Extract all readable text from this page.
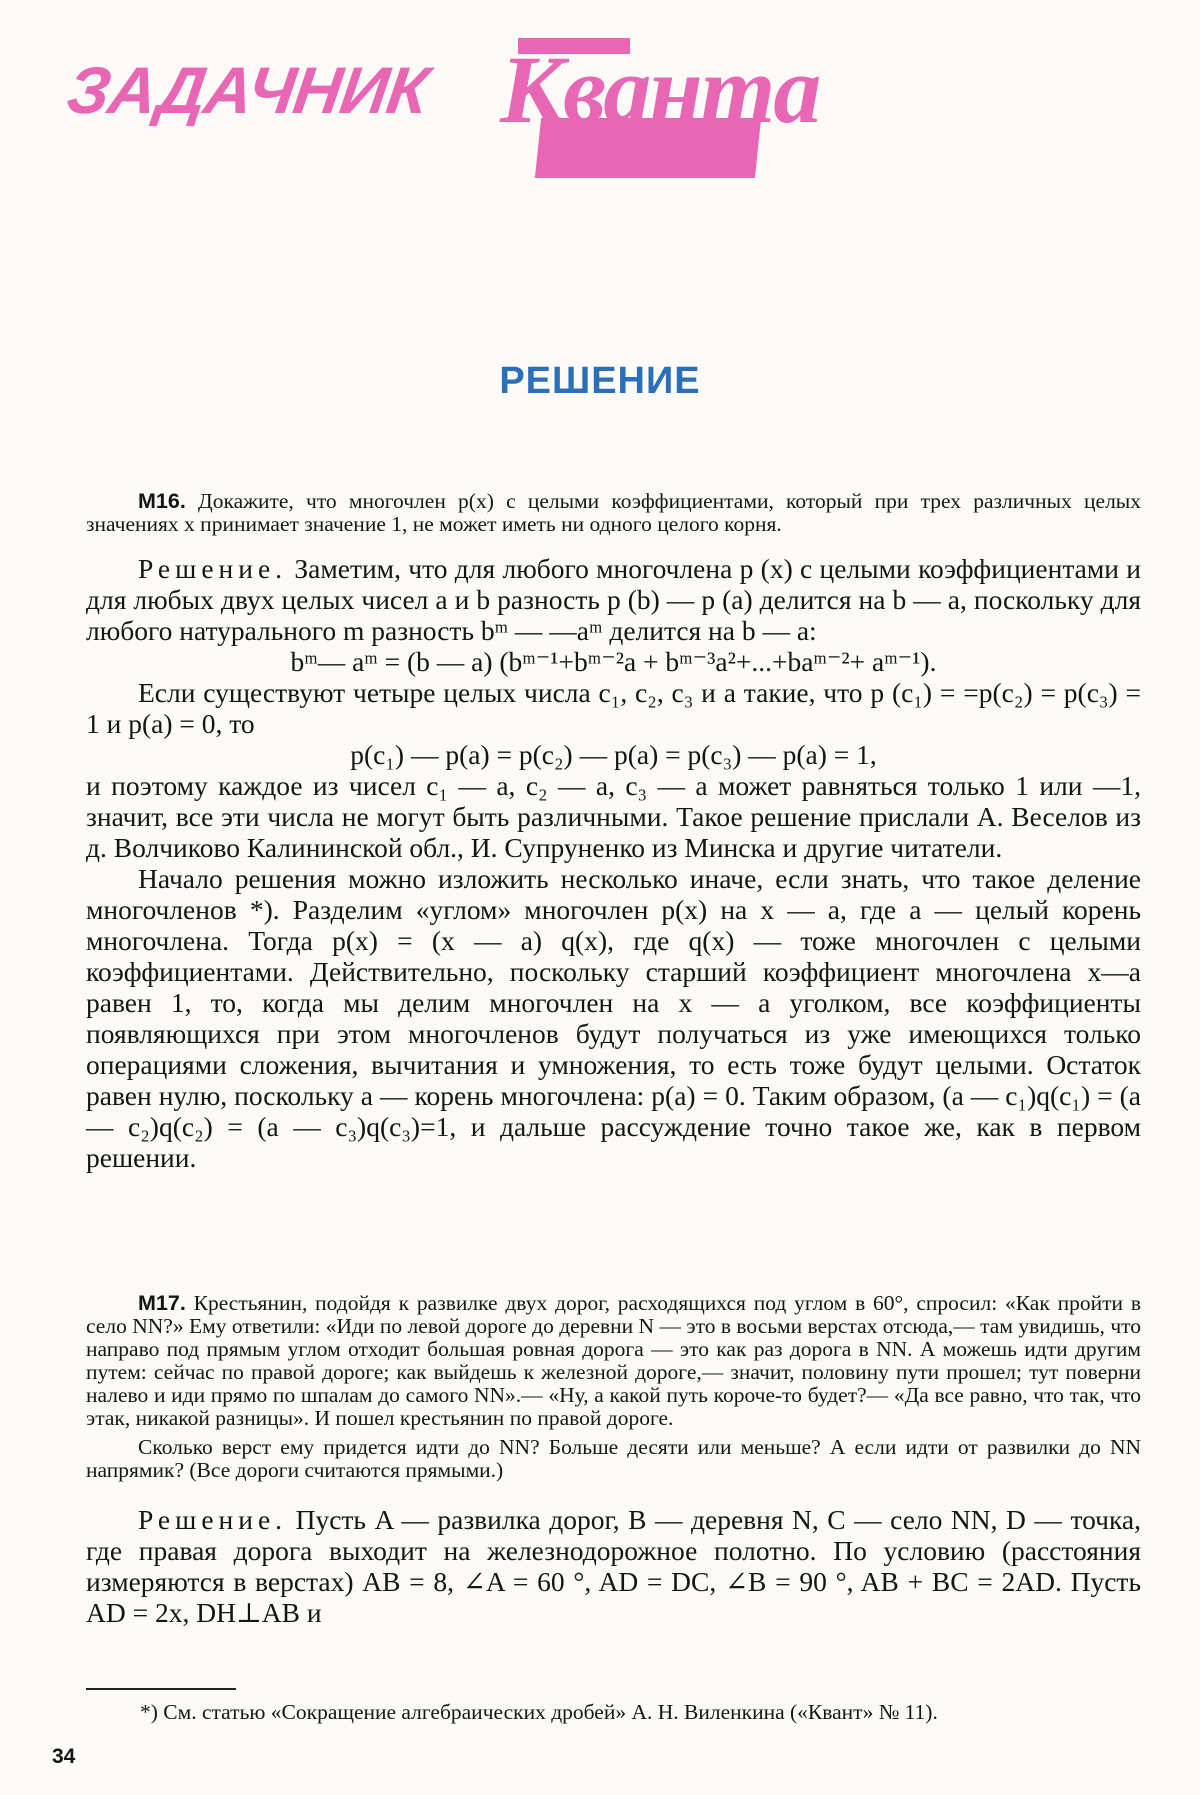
ЗАДАЧНИК Кванта
РЕШЕНИЕ

М16. Докажите, что многочлен p(x) с целыми коэффициентами, который при трех различных целых значениях x принимает значение 1, не может иметь ни одного целого корня.

Решение. Заметим, что для любого многочлена p (x) с целыми коэффициентами и для любых двух целых чисел a и b разность p (b) — p (a) делится на b — a, поскольку для любого натурального m разность bᵐ — —aᵐ делится на b — a:

bᵐ— aᵐ = (b — a) (bᵐ⁻¹+bᵐ⁻²a + bᵐ⁻³a²+...+baᵐ⁻²+ aᵐ⁻¹).

Если существуют четыре целых числа c₁, c₂, c₃ и a такие, что p (c₁) = =p(c₂) = p(c₃) = 1 и p(a) = 0, то

p(c₁) — p(a) = p(c₂) — p(a) = p(c₃) — p(a) = 1,

и поэтому каждое из чисел c₁ — a, c₂ — a, c₃ — a может равняться только 1 или —1, значит, все эти числа не могут быть различными. Такое решение прислали А. Веселов из д. Волчиково Калининской обл., И. Супруненко из Минска и другие читатели.

Начало решения можно изложить несколько иначе, если знать, что такое деление многочленов *). Разделим «углом» многочлен p(x) на x — a, где a — целый корень многочлена. Тогда p(x) = (x — a) q(x), где q(x) — тоже многочлен с целыми коэффициентами. Действительно, поскольку старший коэффициент многочлена x—a равен 1, то, когда мы делим многочлен на x — a уголком, все коэффициенты появляющихся при этом многочленов будут получаться из уже имеющихся только операциями сложения, вычитания и умножения, то есть тоже будут целыми. Остаток равен нулю, поскольку a — корень многочлена: p(a) = 0. Таким образом, (a — c₁)q(c₁) = (a — c₂)q(c₂) = (a — c₃)q(c₃)=1, и дальше рассуждение точно такое же, как в первом решении.

М17. Крестьянин, подойдя к развилке двух дорог, расходящихся под углом в 60°, спросил: «Как пройти в село NN?» Ему ответили: «Иди по левой дороге до деревни N — это в восьми верстах отсюда,— там увидишь, что направо под прямым углом отходит большая ровная дорога — это как раз дорога в NN. А можешь идти другим путем: сейчас по правой дороге; как выйдешь к железной дороге,— значит, половину пути прошел; тут поверни налево и иди прямо по шпалам до самого NN».— «Ну, а какой путь короче-то будет?— «Да все равно, что так, что этак, никакой разницы». И пошел крестьянин по правой дороге.

Сколько верст ему придется идти до NN? Больше десяти или меньше? А если идти от развилки до NN напрямик? (Все дороги считаются прямыми.)

Решение. Пусть A — развилка дорог, B — деревня N, C — село NN, D — точка, где правая дорога выходит на железнодорожное полотно. По условию (расстояния измеряются в верстах) AB = 8, ∠A = 60 °, AD = DC, ∠B = 90 °, AB + BC = 2AD. Пусть AD = 2x, DH⊥AB и

*) См. статью «Сокращение алгебраических дробей» А. Н. Виленкина («Квант» № 11).
34
